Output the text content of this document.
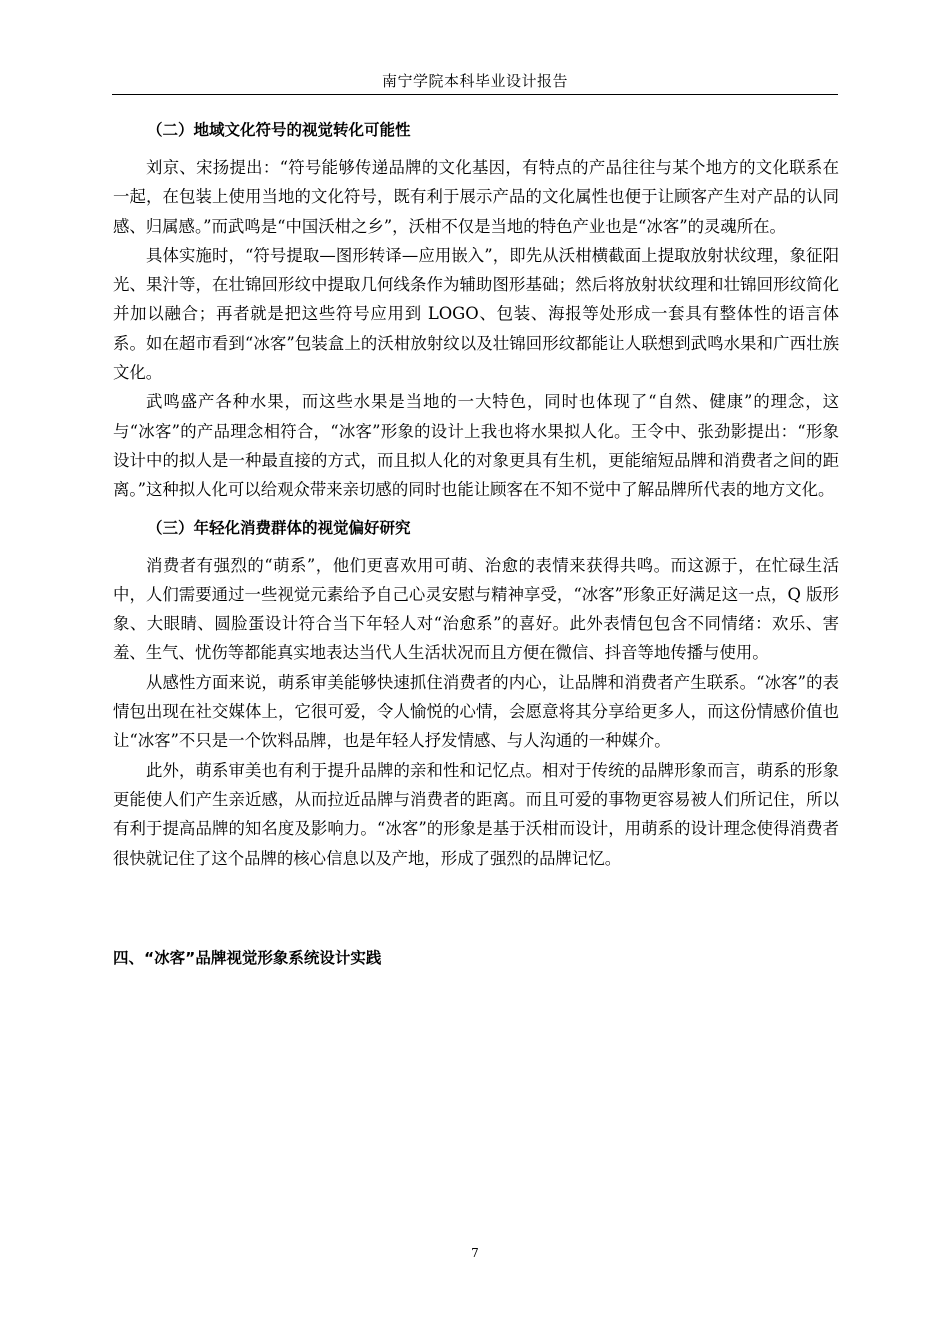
南宁学院本科毕业设计报告
（二）地域文化符号的视觉转化可能性

刘京、宋扬提出：“符号能够传递品牌的文化基因，有特点的产品往往与某个地方的文化联系在一起，在包装上使用当地的文化符号，既有利于展示产品的文化属性也便于让顾客产生对产品的认同感、归属感。”而武鸣是“中国沃柑之乡”，沃柑不仅是当地的特色产业也是“冰客”的灵魂所在。

具体实施时，“符号提取—图形转译—应用嵌入”，即先从沃柑横截面上提取放射状纹理，象征阳光、果汁等，在壮锦回形纹中提取几何线条作为辅助图形基础；然后将放射状纹理和壮锦回形纹简化并加以融合；再者就是把这些符号应用到 LOGO、包装、海报等处形成一套具有整体性的语言体系。如在超市看到“冰客”包装盒上的沃柑放射纹以及壮锦回形纹都能让人联想到武鸣水果和广西壮族文化。

武鸣盛产各种水果，而这些水果是当地的一大特色，同时也体现了“自然、健康”的理念，这与“冰客”的产品理念相符合，“冰客”形象的设计上我也将水果拟人化。王令中、张劲影提出：“形象设计中的拟人是一种最直接的方式，而且拟人化的对象更具有生机，更能缩短品牌和消费者之间的距离。”这种拟人化可以给观众带来亲切感的同时也能让顾客在不知不觉中了解品牌所代表的地方文化。

（三）年轻化消费群体的视觉偏好研究

消费者有强烈的“萌系”，他们更喜欢用可萌、治愈的表情来获得共鸣。而这源于，在忙碌生活中，人们需要通过一些视觉元素给予自己心灵安慰与精神享受，“冰客”形象正好满足这一点，Q 版形象、大眼睛、圆脸蛋设计符合当下年轻人对“治愈系”的喜好。此外表情包包含不同情绪：欢乐、害羞、生气、忧伤等都能真实地表达当代人生活状况而且方便在微信、抖音等地传播与使用。

从感性方面来说，萌系审美能够快速抓住消费者的内心，让品牌和消费者产生联系。“冰客”的表情包出现在社交媒体上，它很可爱，令人愉悦的心情，会愿意将其分享给更多人，而这份情感价值也让“冰客”不只是一个饮料品牌，也是年轻人抒发情感、与人沟通的一种媒介。

此外，萌系审美也有利于提升品牌的亲和性和记忆点。相对于传统的品牌形象而言，萌系的形象更能使人们产生亲近感，从而拉近品牌与消费者的距离。而且可爱的事物更容易被人们所记住，所以有利于提高品牌的知名度及影响力。“冰客”的形象是基于沃柑而设计，用萌系的设计理念使得消费者很快就记住了这个品牌的核心信息以及产地，形成了强烈的品牌记忆。

四、“冰客”品牌视觉形象系统设计实践
7
